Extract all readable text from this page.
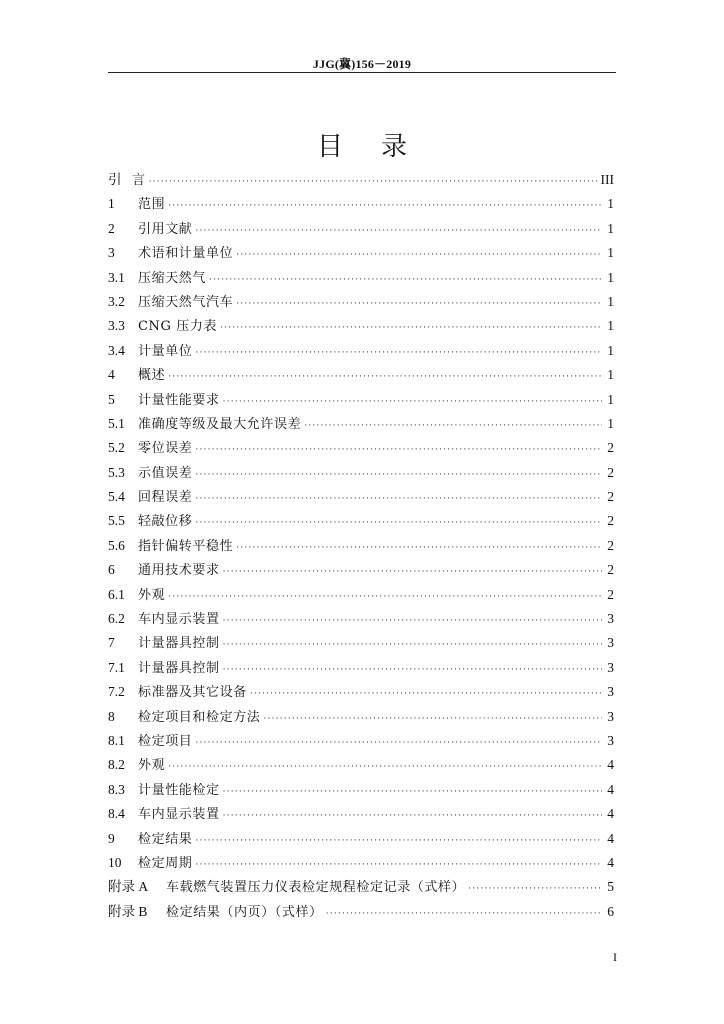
JJG(冀)156－2019
目录
引 言 ·····	III
1	范围 ·····	1
2	引用文献 ·····	1
3	术语和计量单位 ·····	1
3.1	压缩天然气 ·····	1
3.2	压缩天然气汽车 ·····	1
3.3	CNG 压力表 ·····	1
3.4	计量单位 ·····	1
4	概述 ·····	1
5	计量性能要求 ·····	1
5.1	准确度等级及最大允许误差 ·····	1
5.2	零位误差 ·····	2
5.3	示值误差 ·····	2
5.4	回程误差 ·····	2
5.5	轻敲位移 ·····	2
5.6	指针偏转平稳性 ·····	2
6	通用技术要求 ·····	2
6.1	外观 ·····	2
6.2	车内显示装置 ·····	3
7	计量器具控制 ·····	3
7.1	计量器具控制 ·····	3
7.2	标准器及其它设备 ·····	3
8	检定项目和检定方法 ·····	3
8.1	检定项目 ·····	3
8.2	外观 ·····	4
8.3	计量性能检定 ·····	4
8.4	车内显示装置 ·····	4
9	检定结果 ·····	4
10	检定周期 ·····	4
附录 A	车载燃气装置压力仪表检定规程检定记录（式样） ·····	5
附录 B	检定结果（内页）（式样） ·····	6
I
